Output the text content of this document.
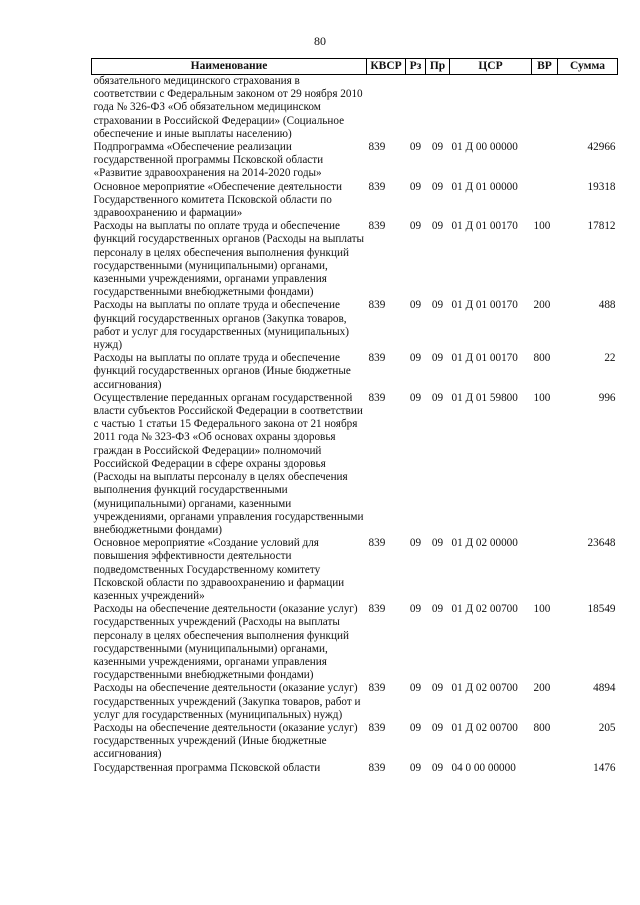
80
Наименование	КВСР	Рз	Пр	ЦСР	ВР	Сумма
обязательного медицинского страхования в соответствии с Федеральным законом от 29 ноября 2010 года № 326-ФЗ «Об обязательном медицинском страховании в Российской Федерации» (Социальное обеспечение и иные выплаты населению)						
Подпрограмма «Обеспечение реализации государственной программы Псковской области «Развитие здравоохранения на 2014-2020 годы»	839	09	09	01 Д 00 00000		42966
Основное мероприятие «Обеспечение деятельности Государственного комитета Псковской области по здравоохранению и фармации»	839	09	09	01 Д 01 00000		19318
Расходы на выплаты по оплате труда и обеспечение функций государственных органов (Расходы на выплаты персоналу в целях обеспечения выполнения функций государственными (муниципальными) органами, казенными учреждениями, органами управления государственными внебюджетными фондами)	839	09	09	01 Д 01 00170	100	17812
Расходы на выплаты по оплате труда и обеспечение функций государственных органов (Закупка товаров, работ и услуг для государственных (муниципальных) нужд)	839	09	09	01 Д 01 00170	200	488
Расходы на выплаты по оплате труда и обеспечение функций государственных органов (Иные бюджетные ассигнования)	839	09	09	01 Д 01 00170	800	22
Осуществление переданных органам государственной власти субъектов Российской Федерации в соответствии с частью 1 статьи 15 Федерального закона от 21 ноября 2011 года № 323-ФЗ «Об основах охраны здоровья граждан в Российской Федерации» полномочий Российской Федерации в сфере охраны здоровья (Расходы на выплаты персоналу в целях обеспечения выполнения функций государственными (муниципальными) органами, казенными учреждениями, органами управления государственными внебюджетными фондами)	839	09	09	01 Д 01 59800	100	996
Основное мероприятие «Создание условий для повышения эффективности деятельности подведомственных Государственному комитету Псковской области по здравоохранению и фармации казенных учреждений»	839	09	09	01 Д 02 00000		23648
Расходы на обеспечение деятельности (оказание услуг) государственных учреждений (Расходы на выплаты персоналу в целях обеспечения выполнения функций государственными (муниципальными) органами, казенными учреждениями, органами управления государственными внебюджетными фондами)	839	09	09	01 Д 02 00700	100	18549
Расходы на обеспечение деятельности (оказание услуг) государственных учреждений (Закупка товаров, работ и услуг для государственных (муниципальных) нужд)	839	09	09	01 Д 02 00700	200	4894
Расходы на обеспечение деятельности (оказание услуг) государственных учреждений (Иные бюджетные ассигнования)	839	09	09	01 Д 02 00700	800	205
Государственная программа Псковской области	839	09	09	04 0 00 00000		1476
